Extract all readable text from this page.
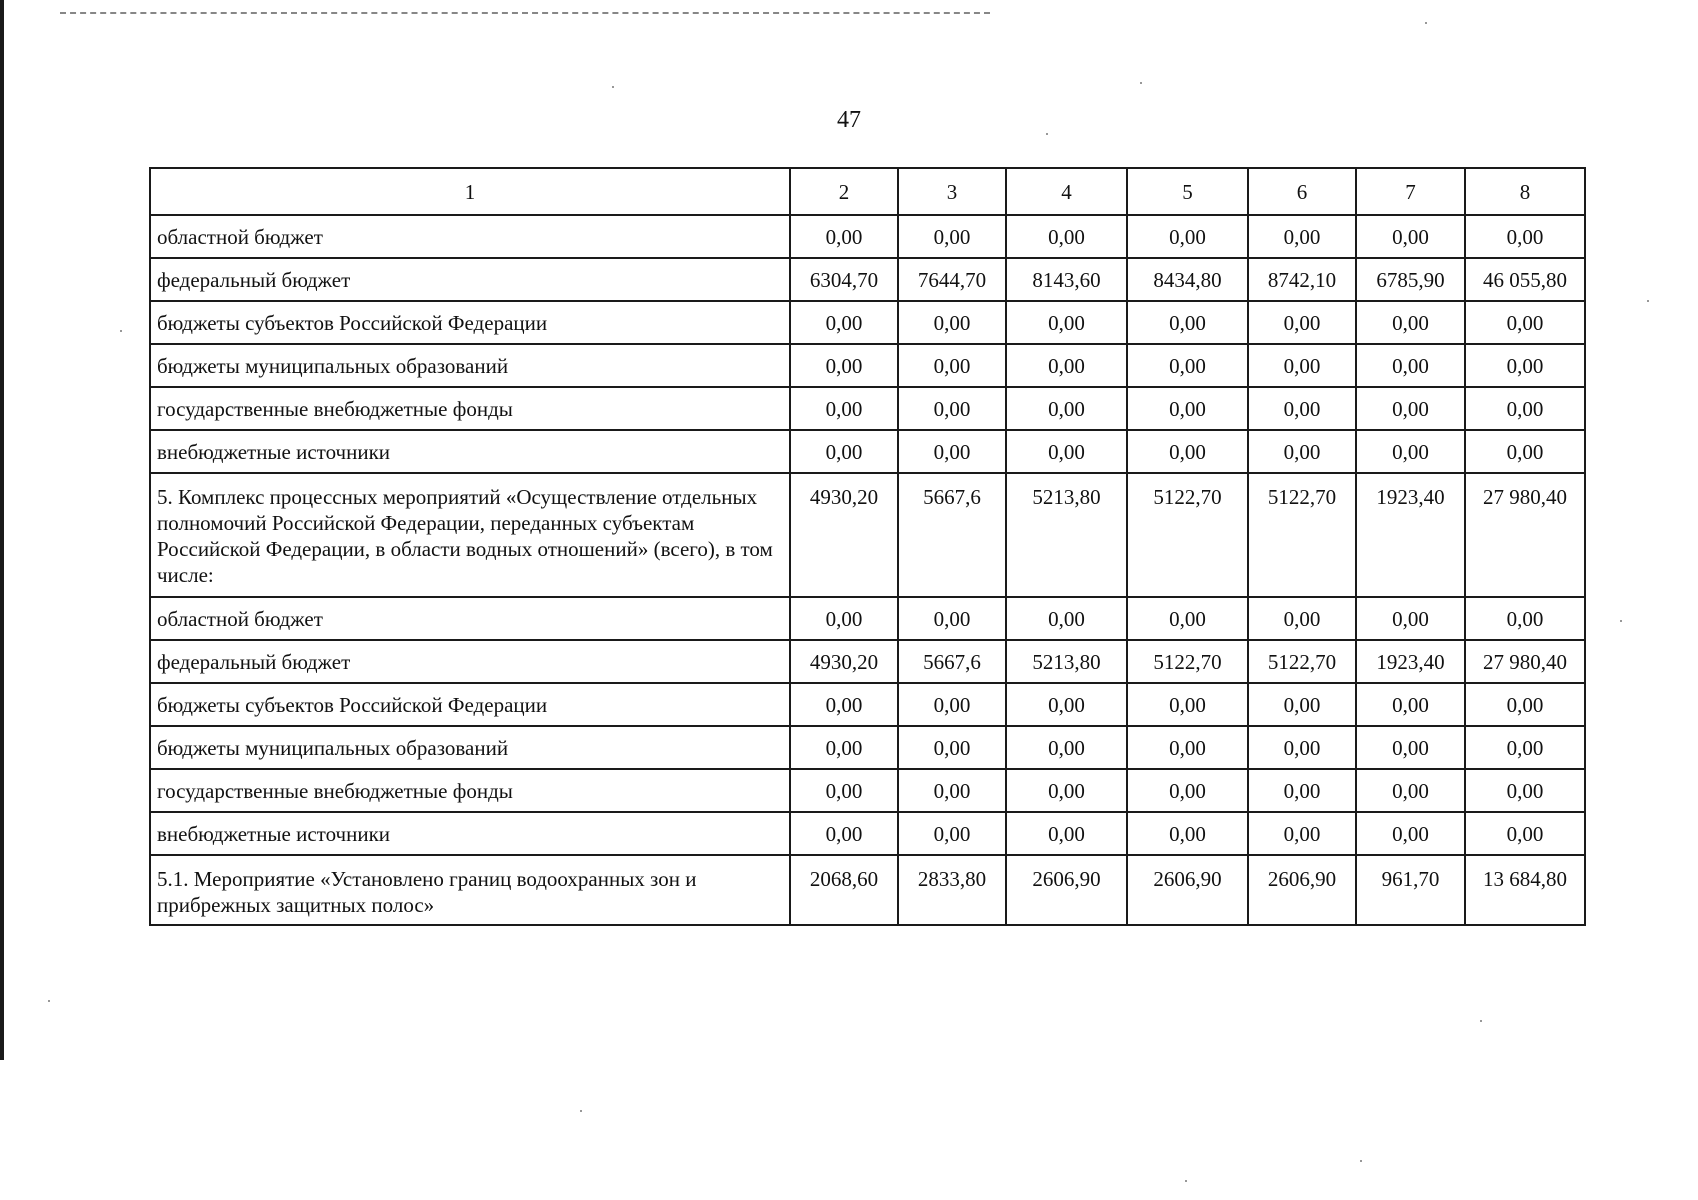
47
1	2	3	4	5	6	7	8
областной бюджет	0,00	0,00	0,00	0,00	0,00	0,00	0,00
федеральный бюджет	6304,70	7644,70	8143,60	8434,80	8742,10	6785,90	46 055,80
бюджеты субъектов Российской Федерации	0,00	0,00	0,00	0,00	0,00	0,00	0,00
бюджеты муниципальных образований	0,00	0,00	0,00	0,00	0,00	0,00	0,00
государственные внебюджетные фонды	0,00	0,00	0,00	0,00	0,00	0,00	0,00
внебюджетные источники	0,00	0,00	0,00	0,00	0,00	0,00	0,00
5. Комплекс процессных мероприятий «Осуществление отдельных полномочий Российской Федерации, переданных субъектам Российской Федерации, в области водных отношений» (всего), в том числе:	4930,20	5667,6	5213,80	5122,70	5122,70	1923,40	27 980,40
областной бюджет	0,00	0,00	0,00	0,00	0,00	0,00	0,00
федеральный бюджет	4930,20	5667,6	5213,80	5122,70	5122,70	1923,40	27 980,40
бюджеты субъектов Российской Федерации	0,00	0,00	0,00	0,00	0,00	0,00	0,00
бюджеты муниципальных образований	0,00	0,00	0,00	0,00	0,00	0,00	0,00
государственные внебюджетные фонды	0,00	0,00	0,00	0,00	0,00	0,00	0,00
внебюджетные источники	0,00	0,00	0,00	0,00	0,00	0,00	0,00
5.1. Мероприятие «Установлено границ водоохранных зон и прибрежных защитных полос»	2068,60	2833,80	2606,90	2606,90	2606,90	961,70	13 684,80
